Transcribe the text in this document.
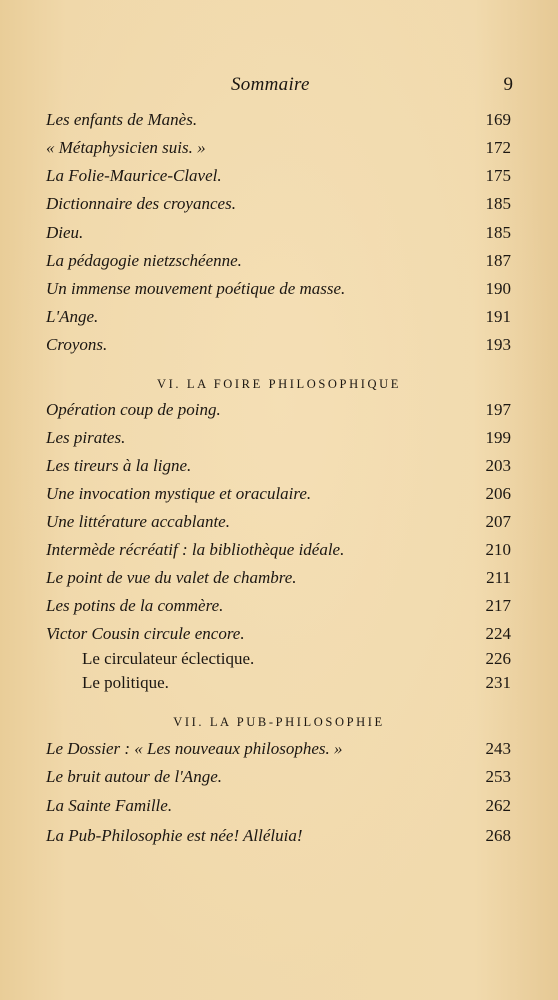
Sommaire	9
Les enfants de Manès.	169
« Métaphysicien suis. »	172
La Folie-Maurice-Clavel.	175
Dictionnaire des croyances.	185
Dieu.	185
La pédagogie nietzschéenne.	187
Un immense mouvement poétique de masse.	190
L'Ange.	191
Croyons.	193
VI. LA FOIRE PHILOSOPHIQUE
Opération coup de poing.	197
Les pirates.	199
Les tireurs à la ligne.	203
Une invocation mystique et oraculaire.	206
Une littérature accablante.	207
Intermède récréatif : la bibliothèque idéale.	210
Le point de vue du valet de chambre.	211
Les potins de la commère.	217
Victor Cousin circule encore.	224
Le circulateur éclectique.	226
Le politique.	231
VII. LA PUB-PHILOSOPHIE
Le Dossier : « Les nouveaux philosophes. »	243
Le bruit autour de l'Ange.	253
La Sainte Famille.	262
La Pub-Philosophie est née! Alléluia!	268
